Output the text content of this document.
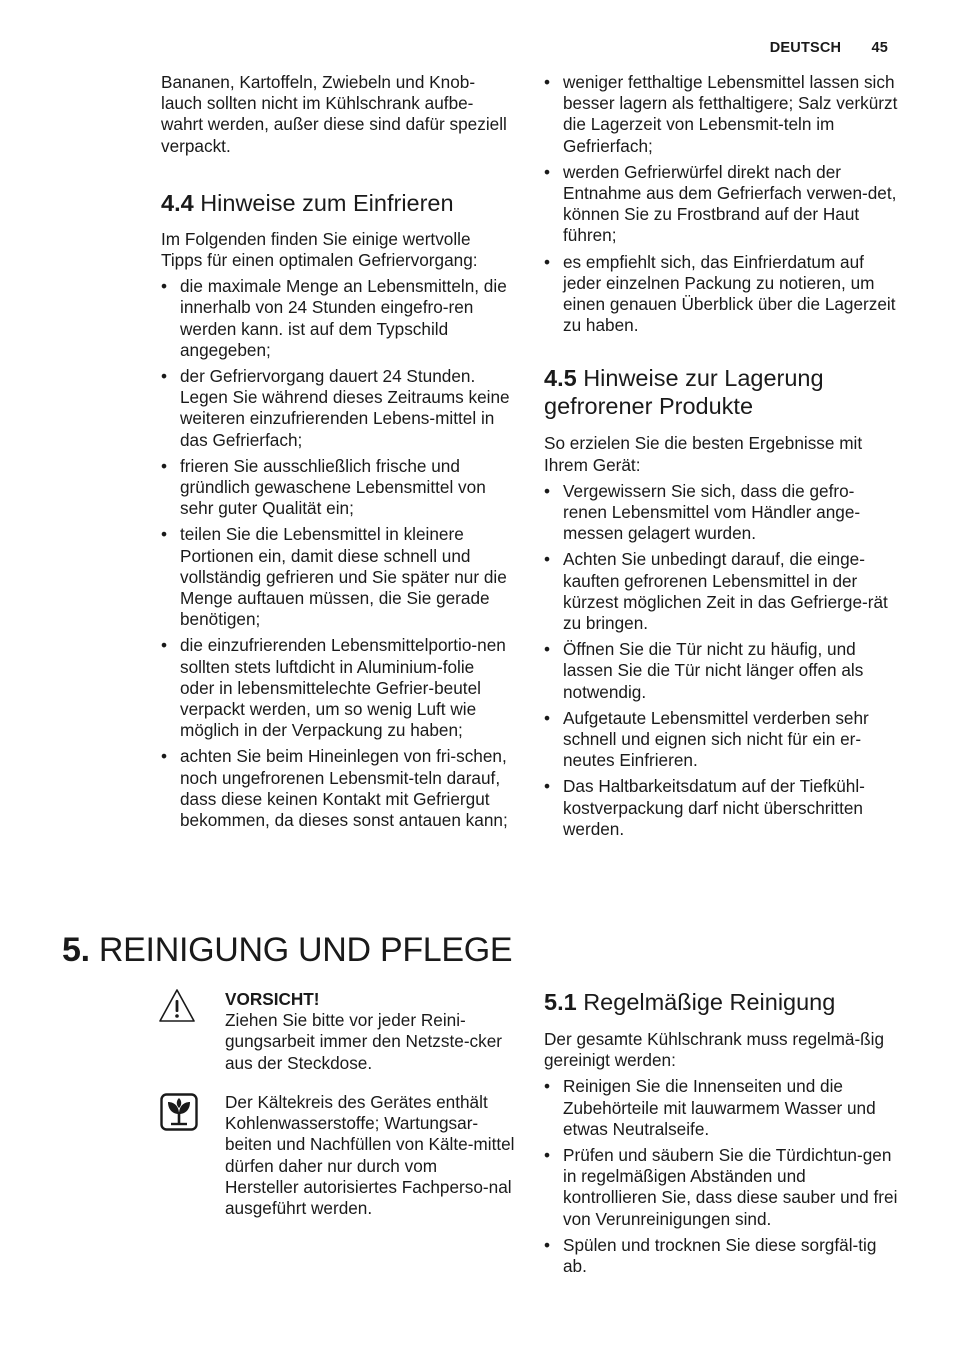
DEUTSCH 45

Bananen, Kartoffeln, Zwiebeln und Knob-lauch sollten nicht im Kühlschrank aufbe-wahrt werden, außer diese sind dafür speziell verpackt.

4.4 Hinweise zum Einfrieren

Im Folgenden finden Sie einige wertvolle Tipps für einen optimalen Gefriervorgang:

• die maximale Menge an Lebensmitteln, die innerhalb von 24 Stunden eingefro-ren werden kann. ist auf dem Typschild angegeben;
• der Gefriervorgang dauert 24 Stunden. Legen Sie während dieses Zeitraums keine weiteren einzufrierenden Lebens-mittel in das Gefrierfach;
• frieren Sie ausschließlich frische und gründlich gewaschene Lebensmittel von sehr guter Qualität ein;
• teilen Sie die Lebensmittel in kleinere Portionen ein, damit diese schnell und vollständig gefrieren und Sie später nur die Menge auftauen müssen, die Sie gerade benötigen;
• die einzufrierenden Lebensmittelportio-nen sollten stets luftdicht in Aluminium-folie oder in lebensmittelechte Gefrier-beutel verpackt werden, um so wenig Luft wie möglich in der Verpackung zu haben;
• achten Sie beim Hineinlegen von fri-schen, noch ungefrorenen Lebensmit-teln darauf, dass diese keinen Kontakt mit Gefriergut bekommen, da dieses sonst antauen kann;
• weniger fetthaltige Lebensmittel lassen sich besser lagern als fetthaltigere; Salz verkürzt die Lagerzeit von Lebensmit-teln im Gefrierfach;
• werden Gefrierwürfel direkt nach der Entnahme aus dem Gefrierfach verwen-det, können Sie zu Frostbrand auf der Haut führen;
• es empfiehlt sich, das Einfrierdatum auf jeder einzelnen Packung zu notieren, um einen genauen Überblick über die Lagerzeit zu haben.
4.5 Hinweise zur Lagerung
gefrorener Produkte

So erzielen Sie die besten Ergebnisse mit Ihrem Gerät:

• Vergewissern Sie sich, dass die gefro-renen Lebensmittel vom Händler ange-messen gelagert wurden.
• Achten Sie unbedingt darauf, die einge-kauften gefrorenen Lebensmittel in der kürzest möglichen Zeit in das Gefrierge-rät zu bringen.
• Öffnen Sie die Tür nicht zu häufig, und lassen Sie die Tür nicht länger offen als notwendig.
• Aufgetaute Lebensmittel verderben sehr schnell und eignen sich nicht für ein er-neutes Einfrieren.
• Das Haltbarkeitsdatum auf der Tiefkühl-kostverpackung darf nicht überschritten werden.
5. REINIGUNG UND PFLEGE

VORSICHT!

Ziehen Sie bitte vor jeder Reini-gungsarbeit immer den Netzste-cker aus der Steckdose.

Der Kältekreis des Gerätes enthält Kohlenwasserstoffe; Wartungsar-beiten und Nachfüllen von Kälte-mittel dürfen daher nur durch vom Hersteller autorisiertes Fachperso-nal ausgeführt werden.

5.1 Regelmäßige Reinigung

Der gesamte Kühlschrank muss regelmä-ßig gereinigt werden:

• Reinigen Sie die Innenseiten und die Zubehörteile mit lauwarmem Wasser und etwas Neutralseife.
• Prüfen und säubern Sie die Türdichtun-gen in regelmäßigen Abständen und kontrollieren Sie, dass diese sauber und frei von Verunreinigungen sind.
• Spülen und trocknen Sie diese sorgfäl-tig ab.
